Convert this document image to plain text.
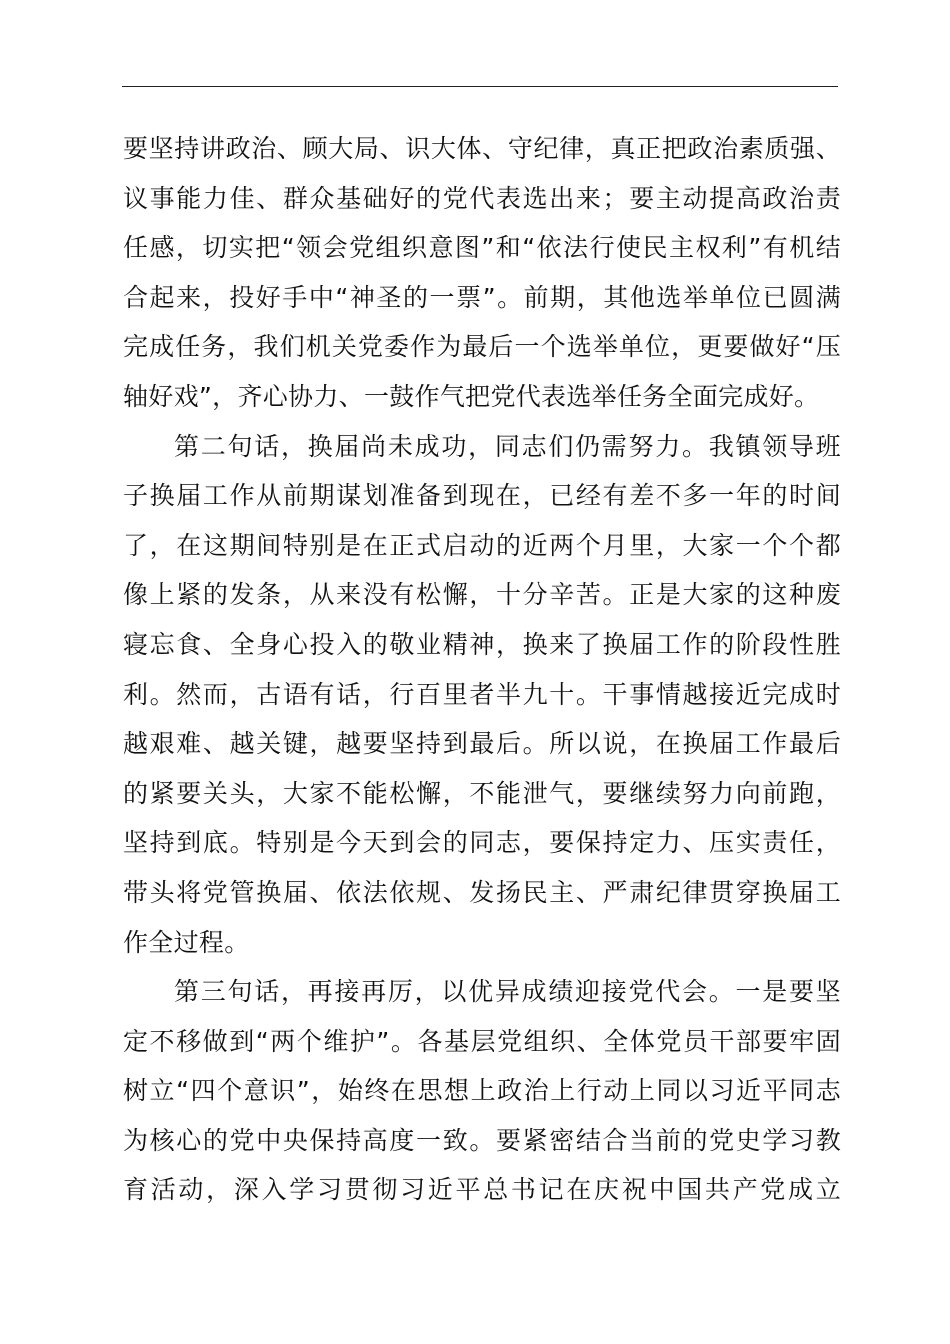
要坚持讲政治、顾大局、识大体、守纪律，真正把政治素质强、
议事能力佳、群众基础好的党代表选出来；要主动提高政治责
任感，切实把“领会党组织意图”和“依法行使民主权利”有机结
合起来，投好手中“神圣的一票”。前期，其他选举单位已圆满
完成任务，我们机关党委作为最后一个选举单位，更要做好“压
轴好戏”，齐心协力、一鼓作气把党代表选举任务全面完成好。
第二句话，换届尚未成功，同志们仍需努力。我镇领导班
子换届工作从前期谋划准备到现在，已经有差不多一年的时间
了，在这期间特别是在正式启动的近两个月里，大家一个个都
像上紧的发条，从来没有松懈，十分辛苦。正是大家的这种废
寝忘食、全身心投入的敬业精神，换来了换届工作的阶段性胜
利。然而，古语有话，行百里者半九十。干事情越接近完成时
越艰难、越关键，越要坚持到最后。所以说，在换届工作最后
的紧要关头，大家不能松懈，不能泄气，要继续努力向前跑，
坚持到底。特别是今天到会的同志，要保持定力、压实责任，
带头将党管换届、依法依规、发扬民主、严肃纪律贯穿换届工
作全过程。
第三句话，再接再厉，以优异成绩迎接党代会。一是要坚
定不移做到“两个维护”。各基层党组织、全体党员干部要牢固
树立“四个意识”，始终在思想上政治上行动上同以习近平同志
为核心的党中央保持高度一致。要紧密结合当前的党史学习教
育活动，深入学习贯彻习近平总书记在庆祝中国共产党成立
